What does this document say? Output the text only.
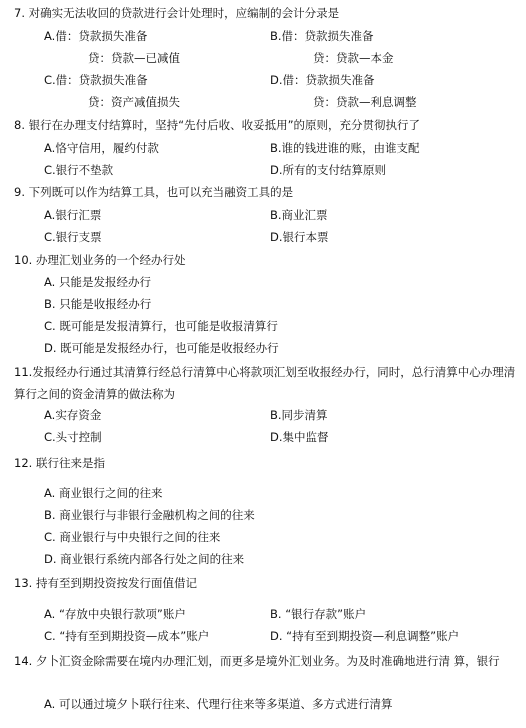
7. 对确实无法收回的贷款进行会计处理时，应编制的会计分录是
A.借：贷款损失准备
贷：贷款—已减值
B.借：贷款损失准备
贷：贷款—本金
C.借：贷款损失准备
贷：资产减值损失
D.借：贷款损失准备
贷：贷款—利息调整
8. 银行在办理支付结算时，坚持“先付后收、收妥抵用”的原则，充分贯彻执行了
A.恪守信用，履约付款	B.谁的钱进谁的账，由谁支配
C.银行不垫款	D.所有的支付结算原则
9. 下列既可以作为结算工具，也可以充当融资工具的是
A.银行汇票	B.商业汇票
C.银行支票	D.银行本票
10. 办理汇划业务的一个经办行处
A. 只能是发报经办行
B. 只能是收报经办行
C. 既可能是发报清算行，也可能是收报清算行
D. 既可能是发报经办行，也可能是收报经办行
11.发报经办行通过其清算行经总行清算中心将款项汇划至收报经办行，同时，总行清算中心办理清算行之间的资金清算的做法称为
A.实存资金	B.同步清算
C.头寸控制	D.集中监督
12. 联行往来是指
A. 商业银行之间的往来
B. 商业银行与非银行金融机构之间的往来
C. 商业银行与中央银行之间的往来
D. 商业银行系统内部各行处之间的往来
13. 持有至到期投资按发行面值借记
A. “存放中央银行款项”账户	B. “银行存款”账户
C. “持有至到期投资—成本”账户	D. “持有至到期投资—利息调整”账户
14. 夕卜汇资金除需要在境内办理汇划，而更多是境外汇划业务。为及时准确地进行清 算，银行
A. 可以通过境夕卜联行往来、代理行往来等多渠道、多方式进行清算
